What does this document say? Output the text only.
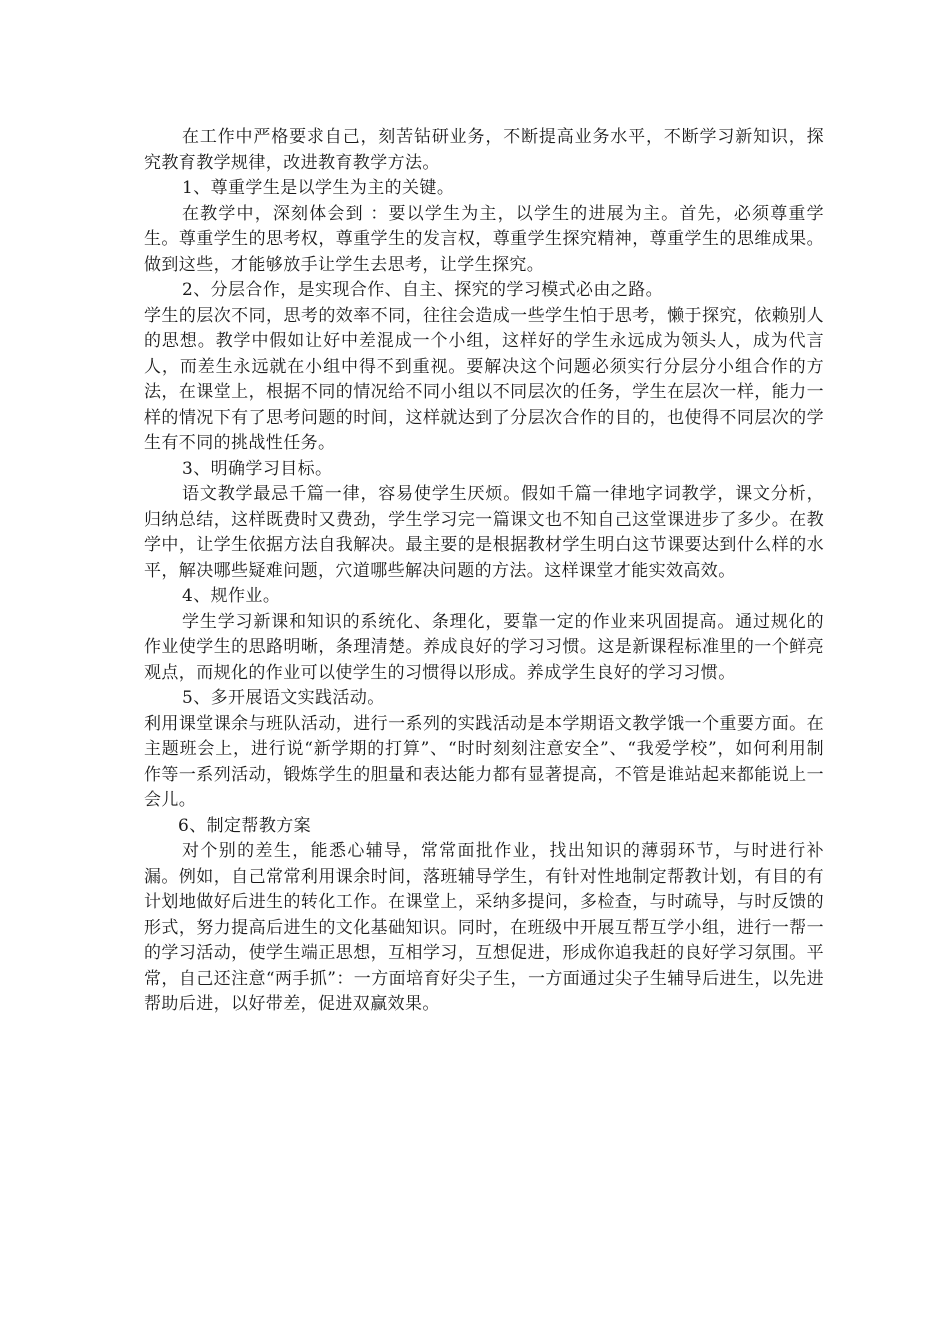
在工作中严格要求自己，刻苦钻研业务，不断提高业务水平，不断学习新知识，探究教育教学规律，改进教育教学方法。

1、尊重学生是以学生为主的关键。

在教学中，深刻体会到 ：要以学生为主，以学生的进展为主。首先，必须尊重学生。尊重学生的思考权，尊重学生的发言权，尊重学生探究精神，尊重学生的思维成果。做到这些，才能够放手让学生去思考，让学生探究。

2、分层合作，是实现合作、自主、探究的学习模式必由之路。

学生的层次不同，思考的效率不同，往往会造成一些学生怕于思考，懒于探究，依赖别人的思想。教学中假如让好中差混成一个小组，这样好的学生永远成为领头人，成为代言人，而差生永远就在小组中得不到重视。要解决这个问题必须实行分层分小组合作的方法，在课堂上，根据不同的情况给不同小组以不同层次的任务，学生在层次一样，能力一样的情况下有了思考问题的时间，这样就达到了分层次合作的目的，也使得不同层次的学生有不同的挑战性任务。

3、明确学习目标。

语文教学最忌千篇一律，容易使学生厌烦。假如千篇一律地字词教学，课文分析，归纳总结，这样既费时又费劲，学生学习完一篇课文也不知自己这堂课进步了多少。在教学中，让学生依据方法自我解决。最主要的是根据教材学生明白这节课要达到什么样的水平，解决哪些疑难问题，穴道哪些解决问题的方法。这样课堂才能实效高效。

4、规作业。

学生学习新课和知识的系统化、条理化，要靠一定的作业来巩固提高。通过规化的作业使学生的思路明晰，条理清楚。养成良好的学习习惯。这是新课程标准里的一个鲜亮观点，而规化的作业可以使学生的习惯得以形成。养成学生良好的学习习惯。

5、多开展语文实践活动。

利用课堂课余与班队活动，进行一系列的实践活动是本学期语文教学饿一个重要方面。在主题班会上，进行说“新学期的打算”、“时时刻刻注意安全”、“我爱学校”，如何利用制作等一系列活动，锻炼学生的胆量和表达能力都有显著提高，不管是谁站起来都能说上一会儿。

6、制定帮教方案

对个别的差生，能悉心辅导，常常面批作业，找出知识的薄弱环节，与时进行补漏。例如，自己常常利用课余时间，落班辅导学生，有针对性地制定帮教计划，有目的有计划地做好后进生的转化工作。在课堂上，采纳多提问，多检查，与时疏导，与时反馈的形式，努力提高后进生的文化基础知识。同时，在班级中开展互帮互学小组，进行一帮一的学习活动，使学生端正思想，互相学习，互想促进，形成你追我赶的良好学习氛围。平常，自己还注意“两手抓”：一方面培育好尖子生，一方面通过尖子生辅导后进生，以先进帮助后进，以好带差，促进双赢效果。
